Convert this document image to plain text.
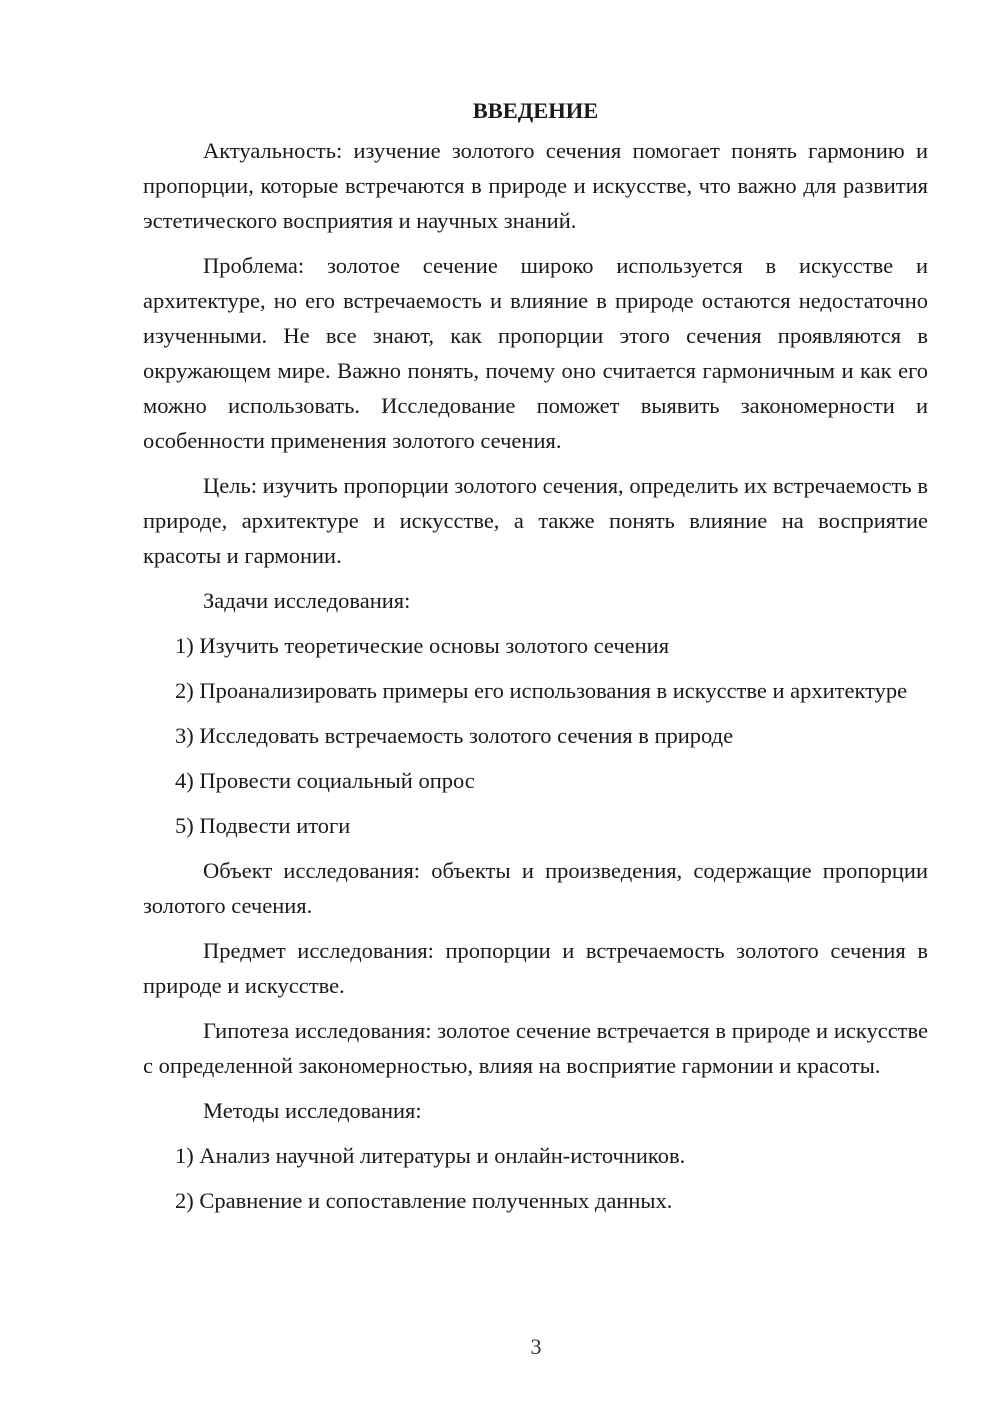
ВВЕДЕНИЕ

Актуальность: изучение золотого сечения помогает понять гармонию и пропорции, которые встречаются в природе и искусстве, что важно для развития эстетического восприятия и научных знаний.

Проблема: золотое сечение широко используется в искусстве и архитектуре, но его встречаемость и влияние в природе остаются недостаточно изученными. Не все знают, как пропорции этого сечения проявляются в окружающем мире. Важно понять, почему оно считается гармоничным и как его можно использовать. Исследование поможет выявить закономерности и особенности применения золотого сечения.

Цель: изучить пропорции золотого сечения, определить их встречаемость в природе, архитектуре и искусстве, а также понять влияние на восприятие красоты и гармонии.

Задачи исследования:

1) Изучить теоретические основы золотого сечения

2) Проанализировать примеры его использования в искусстве и архитектуре

3) Исследовать встречаемость золотого сечения в природе

4) Провести социальный опрос

5) Подвести итоги

Объект исследования: объекты и произведения, содержащие пропорции золотого сечения.

Предмет исследования: пропорции и встречаемость золотого сечения в природе и искусстве.

Гипотеза исследования: золотое сечение встречается в природе и искусстве с определенной закономерностью, влияя на восприятие гармонии и красоты.

Методы исследования:

1) Анализ научной литературы и онлайн-источников.

2) Сравнение и сопоставление полученных данных.

3
